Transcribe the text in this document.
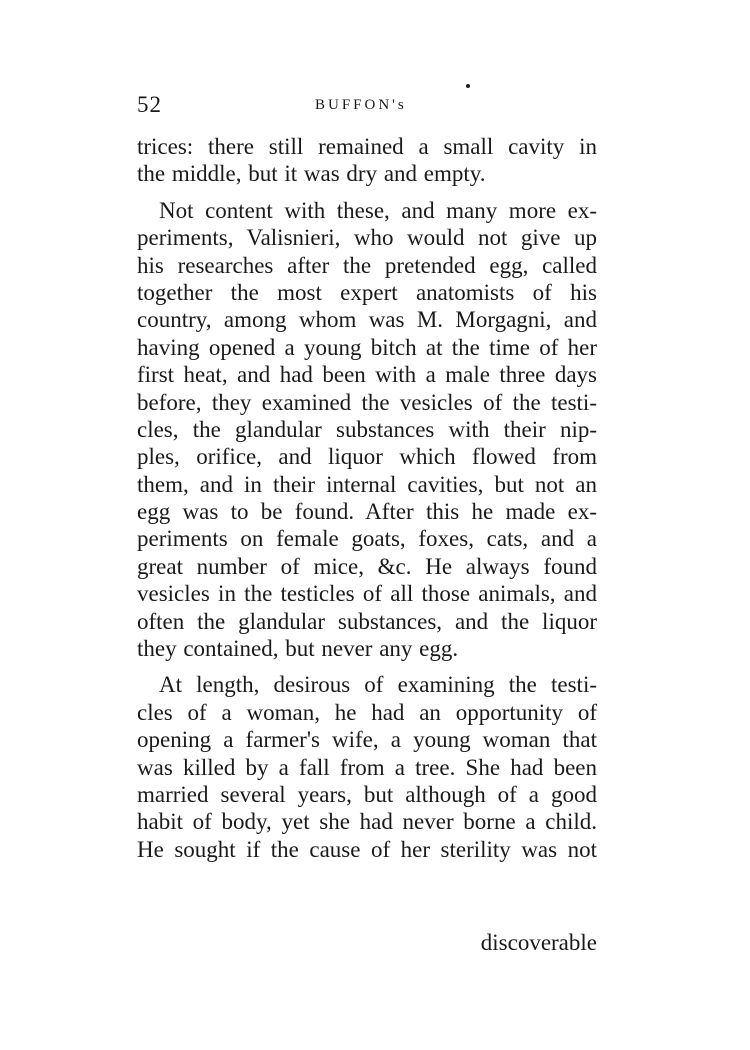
52	BUFFON's
trices: there still remained a small cavity in
the middle, but it was dry and empty.
Not content with these, and many more ex-
periments, Valisnieri, who would not give up
his researches after the pretended egg, called
together the most expert anatomists of his
country, among whom was M. Morgagni, and
having opened a young bitch at the time of her
first heat, and had been with a male three days
before, they examined the vesicles of the testi-
cles, the glandular substances with their nip-
ples, orifice, and liquor which flowed from
them, and in their internal cavities, but not an
egg was to be found. After this he made ex-
periments on female goats, foxes, cats, and a
great number of mice, &c. He always found
vesicles in the testicles of all those animals, and
often the glandular substances, and the liquor
they contained, but never any egg.
At length, desirous of examining the testi-
cles of a woman, he had an opportunity of
opening a farmer's wife, a young woman that
was killed by a fall from a tree. She had been
married several years, but although of a good
habit of body, yet she had never borne a child.
He sought if the cause of her sterility was not
discoverable
